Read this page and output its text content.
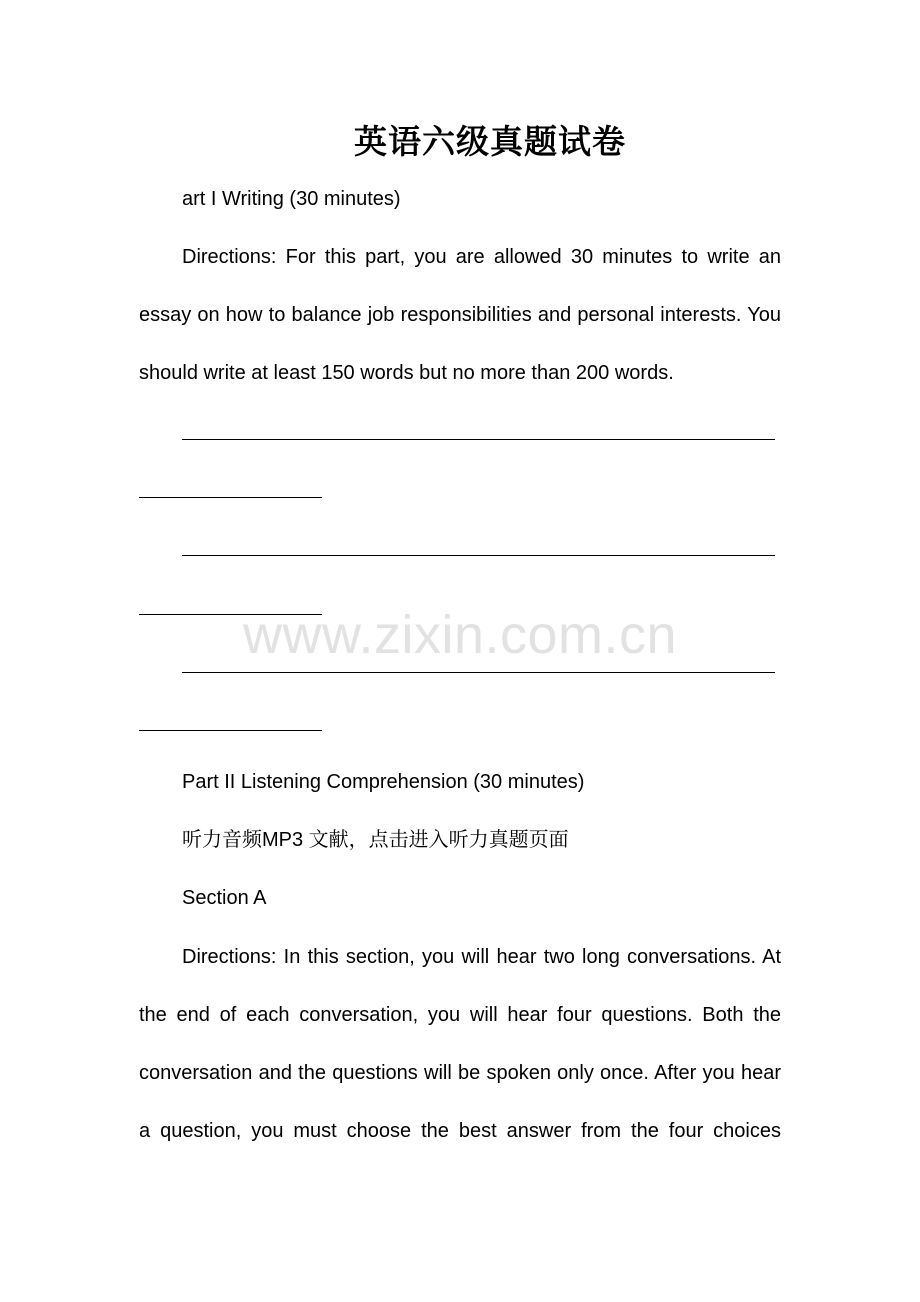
英语六级真题试卷
art I Writing (30 minutes)
Directions: For this part, you are allowed 30 minutes to write an
essay on how to balance job responsibilities and personal interests. You
should write at least 150 words but no more than 200 words.
Part II Listening Comprehension (30 minutes)
听力音频MP3 文献，点击进入听力真题页面
Section A
Directions: In this section, you will hear two long conversations. At
the end of each conversation, you will hear four questions. Both the
conversation and the questions will be spoken only once. After you hear
a question, you must choose the best answer from the four choices
www.zixin.com.cn
